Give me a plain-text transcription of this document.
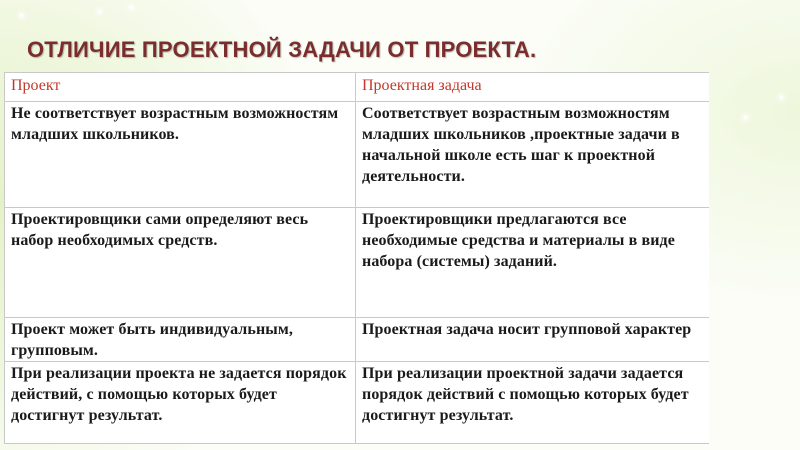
ОТЛИЧИЕ ПРОЕКТНОЙ ЗАДАЧИ ОТ ПРОЕКТА.
Проект	Проектная задача
Не соответствует возрастным возможностям младших школьников.	Соответствует возрастным возможностям младших школьников ,проектные задачи в начальной школе есть шаг к проектной деятельности.
Проектировщики сами определяют весь набор необходимых средств.	Проектировщики предлагаются все необходимые средства и материалы в виде набора (системы) заданий.
Проект может быть индивидуальным, групповым.	Проектная задача носит групповой характер
При реализации проекта не задается порядок действий, с помощью которых будет достигнут результат.	При реализации проектной задачи задается порядок действий с помощью которых будет достигнут результат.
